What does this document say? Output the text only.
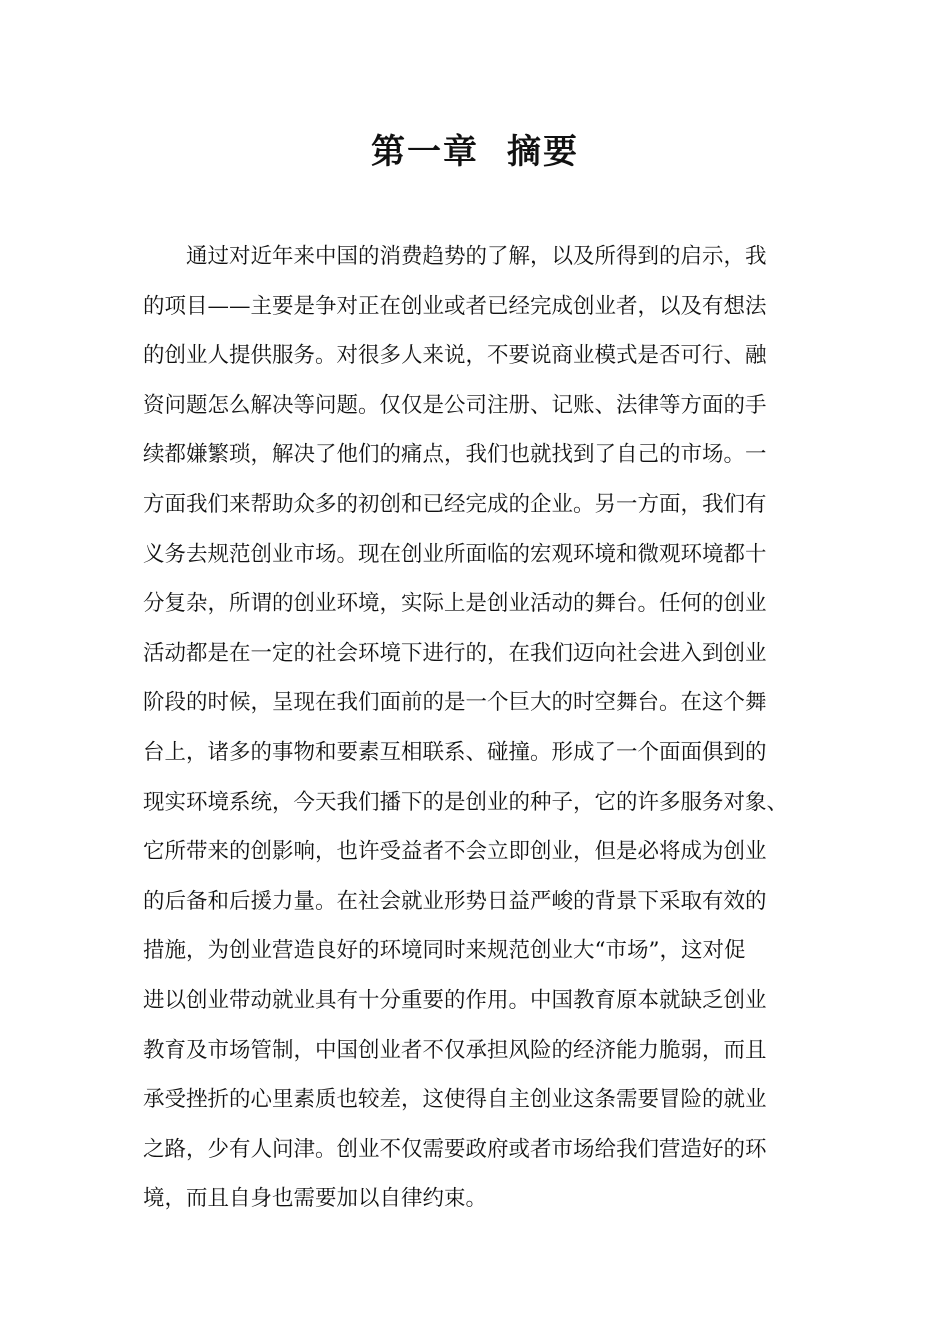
第一章 摘要
通过对近年来中国的消费趋势的了解，以及所得到的启示，我
的项目——主要是争对正在创业或者已经完成创业者，以及有想法
的创业人提供服务。对很多人来说，不要说商业模式是否可行、融
资问题怎么解决等问题。仅仅是公司注册、记账、法律等方面的手
续都嫌繁琐，解决了他们的痛点，我们也就找到了自己的市场。一
方面我们来帮助众多的初创和已经完成的企业。另一方面，我们有
义务去规范创业市场。现在创业所面临的宏观环境和微观环境都十
分复杂，所谓的创业环境，实际上是创业活动的舞台。任何的创业
活动都是在一定的社会环境下进行的，在我们迈向社会进入到创业
阶段的时候，呈现在我们面前的是一个巨大的时空舞台。在这个舞
台上，诸多的事物和要素互相联系、碰撞。形成了一个面面俱到的
现实环境系统，今天我们播下的是创业的种子，它的许多服务对象、
它所带来的创影响，也许受益者不会立即创业，但是必将成为创业
的后备和后援力量。在社会就业形势日益严峻的背景下采取有效的
措施，为创业营造良好的环境同时来规范创业大“市场”，这对促
进以创业带动就业具有十分重要的作用。中国教育原本就缺乏创业
教育及市场管制，中国创业者不仅承担风险的经济能力脆弱，而且
承受挫折的心里素质也较差，这使得自主创业这条需要冒险的就业
之路，少有人问津。创业不仅需要政府或者市场给我们营造好的环
境，而且自身也需要加以自律约束。
